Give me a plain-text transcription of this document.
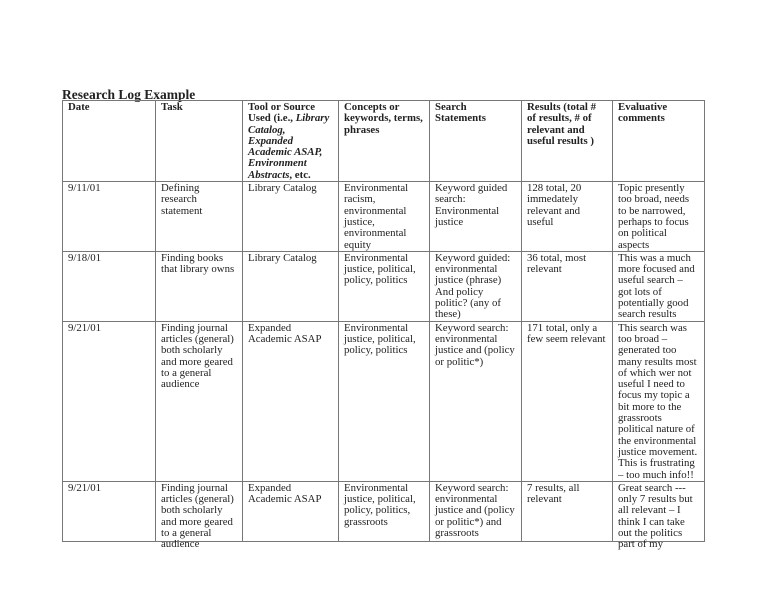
Research Log Example
Date	Task	Tool or Source Used (i.e., Library Catalog, Expanded Academic ASAP, Environment Abstracts, etc.	Concepts or keywords, terms, phrases	Search Statements	Results (total # of results, # of relevant and useful results )	Evaluative comments
9/11/01	Defining research statement	Library Catalog	Environmental racism, environmental justice, environmental equity	Keyword guided search: Environmental justice	128 total, 20 immedately relevant and useful	Topic presently too broad, needs to be narrowed, perhaps to focus on political aspects
9/18/01	Finding books that library owns	Library Catalog	Environmental justice, political, policy, politics	Keyword guided: environmental justice (phrase) And policy politic? (any of these)	36 total, most relevant	This was a much more focused and useful search – got lots of potentially good search results
9/21/01	Finding journal articles (general) both scholarly and more geared to a general audience	Expanded Academic ASAP	Environmental justice, political, policy, politics	Keyword search: environmental justice and (policy or politic*)	171 total, only a few seem relevant	This search was too broad – generated too many results most of which wer not useful I need to focus my topic a bit more to the grassroots political nature of the environmental justice movement. This is frustrating – too much info!!

9/21/01	Finding journal articles (general) both scholarly and more geared to a general audience	Expanded Academic ASAP	Environmental justice, political, policy, politics, grassroots	Keyword search: environmental justice and (policy or politic*) and grassroots	7 results, all relevant	Great search --- only 7 results but all relevant – I think I can take out the politics part of my
